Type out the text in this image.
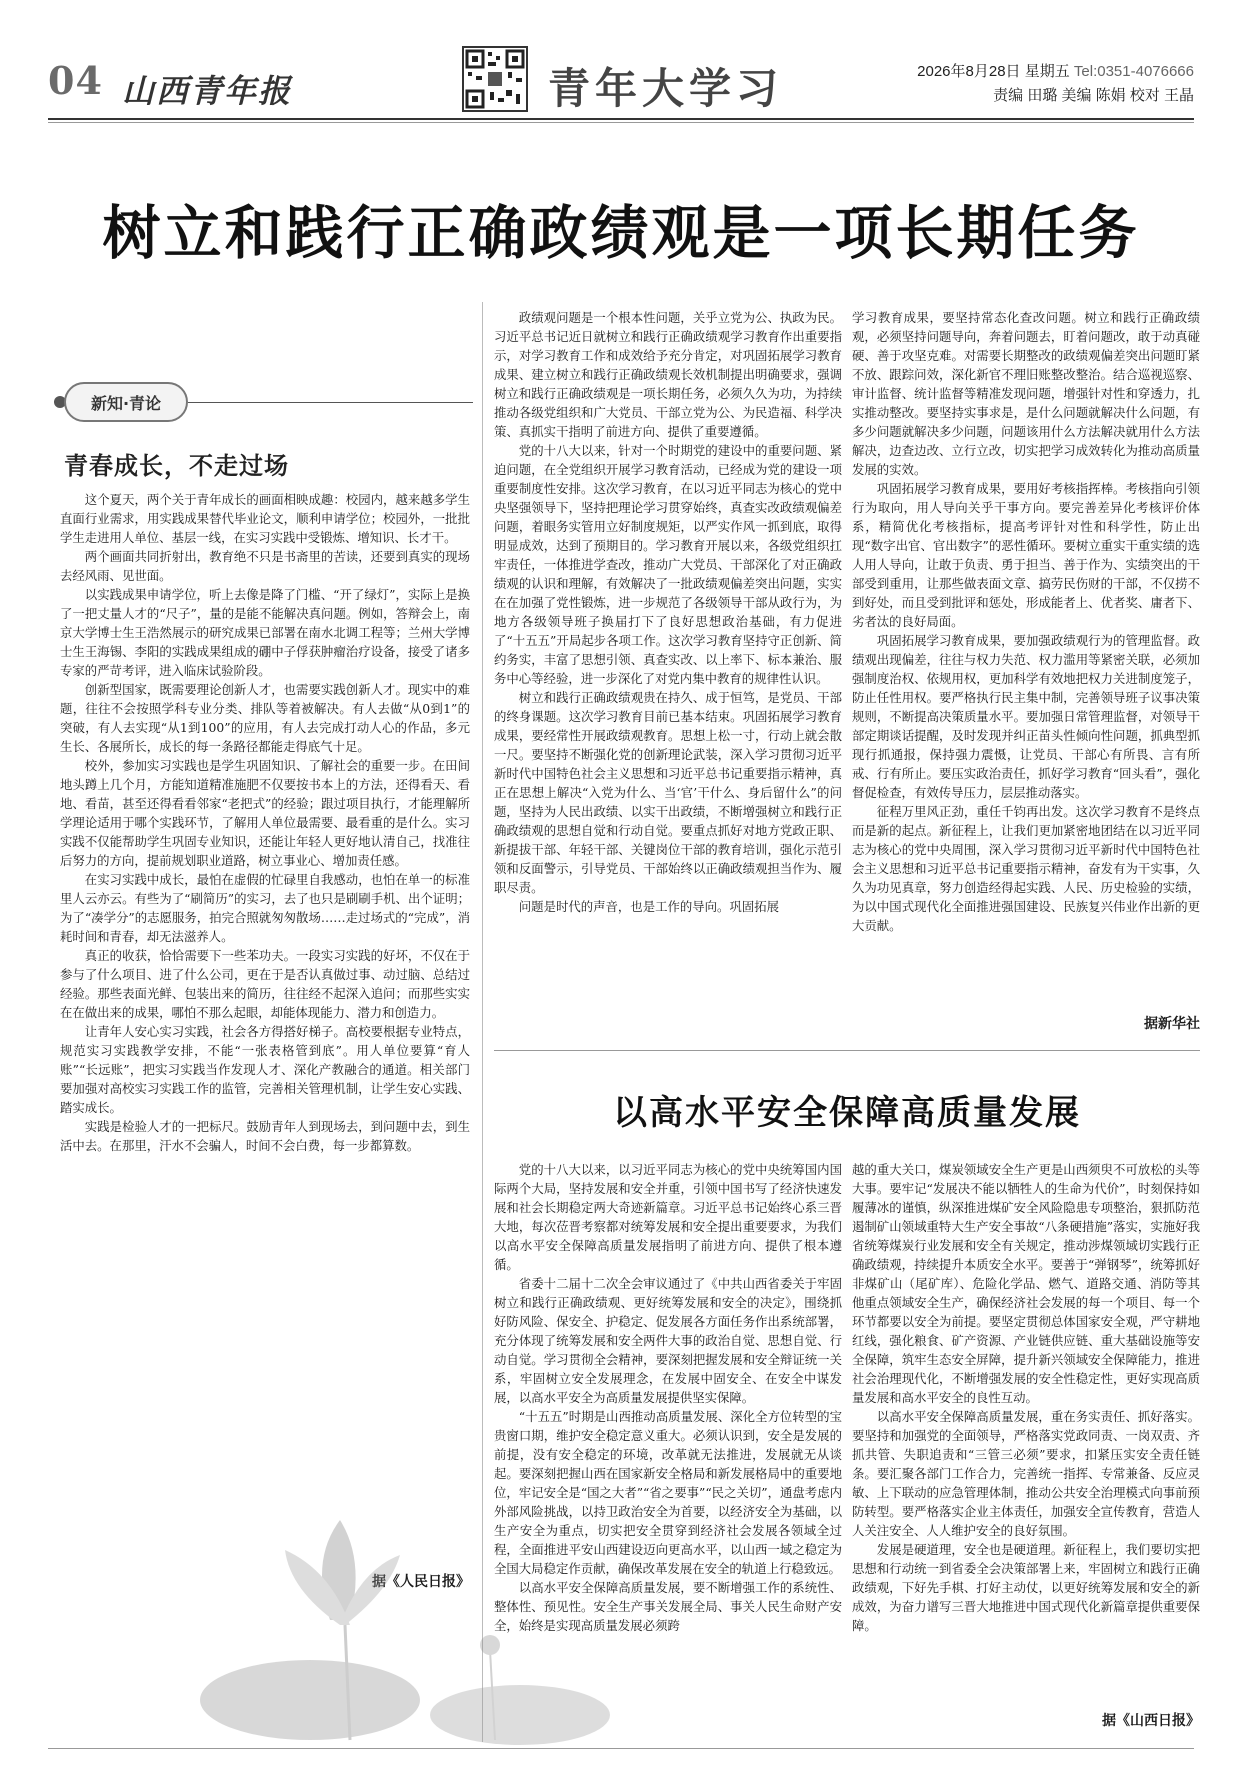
04 山西青年报	青年大学习	2026年8月28日 星期五 Tel:0351-4076666
责编 田璐 美编 陈娟 校对 王晶
树立和践行正确政绩观是一项长期任务
新知·青论
青春成长，不走过场

这个夏天，两个关于青年成长的画面相映成趣：校园内，越来越多学生直面行业需求，用实践成果替代毕业论文，顺利申请学位；校园外，一批批学生走进用人单位、基层一线，在实习实践中受锻炼、增知识、长才干。

两个画面共同折射出，教育绝不只是书斋里的苦读，还要到真实的现场去经风雨、见世面。

以实践成果申请学位，听上去像是降了门槛、“开了绿灯”，实际上是换了一把丈量人才的“尺子”，量的是能不能解决真问题。例如，答辩会上，南京大学博士生王浩然展示的研究成果已部署在南水北调工程等；兰州大学博士生王海锡、李阳的实践成果组成的硼中子俘获肿瘤治疗设备，接受了诸多专家的严苛考评，进入临床试验阶段。

创新型国家，既需要理论创新人才，也需要实践创新人才。现实中的难题，往往不会按照学科专业分类、排队等着被解决。有人去做“从0到1”的突破，有人去实现“从1到100”的应用，有人去完成打动人心的作品，多元生长、各展所长，成长的每一条路径都能走得底气十足。

校外，参加实习实践也是学生巩固知识、了解社会的重要一步。在田间地头蹲上几个月，方能知道精准施肥不仅要按书本上的方法，还得看天、看地、看苗，甚至还得看看邻家“老把式”的经验；跟过项目执行，才能理解所学理论适用于哪个实践环节，了解用人单位最需要、最看重的是什么。实习实践不仅能帮助学生巩固专业知识，还能让年轻人更好地认清自己，找准往后努力的方向，提前规划职业道路，树立事业心、增加责任感。

在实习实践中成长，最怕在虚假的忙碌里自我感动，也怕在单一的标准里人云亦云。有些为了“刷简历”的实习，去了也只是刷刷手机、出个证明；为了“凑学分”的志愿服务，拍完合照就匆匆散场……走过场式的“完成”，消耗时间和青春，却无法滋养人。

真正的收获，恰恰需要下一些苯功夫。一段实习实践的好坏，不仅在于参与了什么项目、进了什么公司，更在于是否认真做过事、动过脑、总结过经验。那些表面光鲜、包装出来的简历，往往经不起深入追问；而那些实实在在做出来的成果，哪怕不那么起眼，却能体现能力、潜力和创造力。

让青年人安心实习实践，社会各方得搭好梯子。高校要根据专业特点，规范实习实践教学安排，不能“一张表格管到底”。用人单位要算“育人账”“长远账”，把实习实践当作发现人才、深化产教融合的通道。相关部门要加强对高校实习实践工作的监管，完善相关管理机制，让学生安心实践、踏实成长。

实践是检验人才的一把标尺。鼓励青年人到现场去，到问题中去，到生活中去。在那里，汗水不会骗人，时间不会白费，每一步都算数。

据《人民日报》

政绩观问题是一个根本性问题，关乎立党为公、执政为民。习近平总书记近日就树立和践行正确政绩观学习教育作出重要指示，对学习教育工作和成效给予充分肯定，对巩固拓展学习教育成果、建立树立和践行正确政绩观长效机制提出明确要求，强调树立和践行正确政绩观是一项长期任务，必须久久为功，为持续推动各级党组织和广大党员、干部立党为公、为民造福、科学决策、真抓实干指明了前进方向、提供了重要遵循。

党的十八大以来，针对一个时期党的建设中的重要问题、紧迫问题，在全党组织开展学习教育活动，已经成为党的建设一项重要制度性安排。这次学习教育，在以习近平同志为核心的党中央坚强领导下，坚持把理论学习贯穿始终，真查实改政绩观偏差问题，着眼务实管用立好制度规矩，以严实作风一抓到底，取得明显成效，达到了预期目的。学习教育开展以来，各级党组织扛牢责任，一体推进学查改，推动广大党员、干部深化了对正确政绩观的认识和理解，有效解决了一批政绩观偏差突出问题，实实在在加强了党性锻炼，进一步规范了各级领导干部从政行为，为地方各级领导班子换届打下了良好思想政治基础，有力促进了“十五五”开局起步各项工作。这次学习教育坚持守正创新、简约务实，丰富了思想引领、真查实改、以上率下、标本兼治、服务中心等经验，进一步深化了对党内集中教育的规律性认识。

树立和践行正确政绩观贵在持久、成于恒笃，是党员、干部的终身课题。这次学习教育目前已基本结束。巩固拓展学习教育成果，要经常性开展政绩观教育。思想上松一寸，行动上就会散一尺。要坚持不断强化党的创新理论武装，深入学习贯彻习近平新时代中国特色社会主义思想和习近平总书记重要指示精神，真正在思想上解决“入党为什么、当‘官’干什么、身后留什么”的问题，坚持为人民出政绩、以实干出政绩，不断增强树立和践行正确政绩观的思想自觉和行动自觉。要重点抓好对地方党政正职、新提拔干部、年轻干部、关键岗位干部的教育培训，强化示范引领和反面警示，引导党员、干部始终以正确政绩观担当作为、履职尽责。

问题是时代的声音，也是工作的导向。巩固拓展

学习教育成果，要坚持常态化查改问题。树立和践行正确政绩观，必须坚持问题导向，奔着问题去，盯着问题改，敢于动真碰硬、善于攻坚克难。对需要长期整改的政绩观偏差突出问题盯紧不放、跟踪问效，深化新官不理旧账整改整治。结合巡视巡察、审计监督、统计监督等精准发现问题，增强针对性和穿透力，扎实推动整改。要坚持实事求是，是什么问题就解决什么问题，有多少问题就解决多少问题，问题该用什么方法解决就用什么方法解决，边查边改、立行立改，切实把学习成效转化为推动高质量发展的实效。

巩固拓展学习教育成果，要用好考核指挥棒。考核指向引领行为取向，用人导向关乎干事方向。要完善差异化考核评价体系，精简优化考核指标，提高考评针对性和科学性，防止出现“数字出官、官出数字”的恶性循环。要树立重实干重实绩的选人用人导向，让敢于负责、勇于担当、善于作为、实绩突出的干部受到重用，让那些做表面文章、搞劳民伤财的干部，不仅捞不到好处，而且受到批评和惩处，形成能者上、优者奖、庸者下、劣者汰的良好局面。

巩固拓展学习教育成果，要加强政绩观行为的管理监督。政绩观出现偏差，往往与权力失范、权力滥用等紧密关联，必须加强制度治权、依规用权，更加科学有效地把权力关进制度笼子，防止任性用权。要严格执行民主集中制，完善领导班子议事决策规则，不断提高决策质量水平。要加强日常管理监督，对领导干部定期谈话提醒，及时发现并纠正苗头性倾向性问题，抓典型抓现行抓通报，保持强力震慑，让党员、干部心有所畏、言有所戒、行有所止。要压实政治责任，抓好学习教育“回头看”，强化督促检查，有效传导压力，层层推动落实。

征程万里风正劲，重任千钧再出发。这次学习教育不是终点而是新的起点。新征程上，让我们更加紧密地团结在以习近平同志为核心的党中央周围，深入学习贯彻习近平新时代中国特色社会主义思想和习近平总书记重要指示精神，奋发有为干实事，久久为功见真章，努力创造经得起实践、人民、历史检验的实绩，为以中国式现代化全面推进强国建设、民族复兴伟业作出新的更大贡献。

据新华社
以高水平安全保障高质量发展

党的十八大以来，以习近平同志为核心的党中央统筹国内国际两个大局，坚持发展和安全并重，引领中国书写了经济快速发展和社会长期稳定两大奇迹新篇章。习近平总书记始终心系三晋大地，每次莅晋考察都对统筹发展和安全提出重要要求，为我们以高水平安全保障高质量发展指明了前进方向、提供了根本遵循。

省委十二届十二次全会审议通过了《中共山西省委关于牢固树立和践行正确政绩观、更好统筹发展和安全的决定》，围绕抓好防风险、保安全、护稳定、促发展各方面任务作出系统部署，充分体现了统筹发展和安全两件大事的政治自觉、思想自觉、行动自觉。学习贯彻全会精神，要深刻把握发展和安全辩证统一关系，牢固树立安全发展理念，在发展中固安全、在安全中谋发展，以高水平安全为高质量发展提供坚实保障。

“十五五”时期是山西推动高质量发展、深化全方位转型的宝贵窗口期，维护安全稳定意义重大。必须认识到，安全是发展的前提，没有安全稳定的环境，改革就无法推进，发展就无从谈起。要深刻把握山西在国家新安全格局和新发展格局中的重要地位，牢记安全是“国之大者”“省之要事”“民之关切”，通盘考虑内外部风险挑战，以持卫政治安全为首要，以经济安全为基础，以生产安全为重点，切实把安全贯穿到经济社会发展各领域全过程，全面推进平安山西建设迈向更高水平，以山西一域之稳定为全国大局稳定作贡献，确保改革发展在安全的轨道上行稳致远。

以高水平安全保障高质量发展，要不断增强工作的系统性、整体性、预见性。安全生产事关发展全局、事关人民生命财产安全，始终是实现高质量发展必须跨

越的重大关口，煤炭领域安全生产更是山西须臾不可放松的头等大事。要牢记“发展决不能以牺牲人的生命为代价”，时刻保持如履薄冰的谨慎，纵深推进煤矿安全风险隐患专项整治，狠抓防范遏制矿山领域重特大生产安全事故“八条硬措施”落实，实施好我省统筹煤炭行业发展和安全有关规定，推动涉煤领域切实践行正确政绩观，持续提升本质安全水平。要善于“弹钢琴”，统筹抓好非煤矿山（尾矿库）、危险化学品、燃气、道路交通、消防等其他重点领域安全生产，确保经济社会发展的每一个项目、每一个环节都要以安全为前提。要坚定贯彻总体国家安全观，严守耕地红线，强化粮食、矿产资源、产业链供应链、重大基础设施等安全保障，筑牢生态安全屏障，提升新兴领域安全保障能力，推进社会治理现代化，不断增强发展的安全性稳定性，更好实现高质量发展和高水平安全的良性互动。

以高水平安全保障高质量发展，重在务实责任、抓好落实。要坚持和加强党的全面领导，严格落实党政同责、一岗双责、齐抓共管、失职追责和“三管三必须”要求，扣紧压实安全责任链条。要汇聚各部门工作合力，完善统一指挥、专常兼备、反应灵敏、上下联动的应急管理体制，推动公共安全治理模式向事前预防转型。要严格落实企业主体责任，加强安全宣传教育，营造人人关注安全、人人维护安全的良好氛围。

发展是硬道理，安全也是硬道理。新征程上，我们要切实把思想和行动统一到省委全会决策部署上来，牢固树立和践行正确政绩观，下好先手棋、打好主动仗，以更好统筹发展和安全的新成效，为奋力谱写三晋大地推进中国式现代化新篇章提供重要保障。

据《山西日报》
